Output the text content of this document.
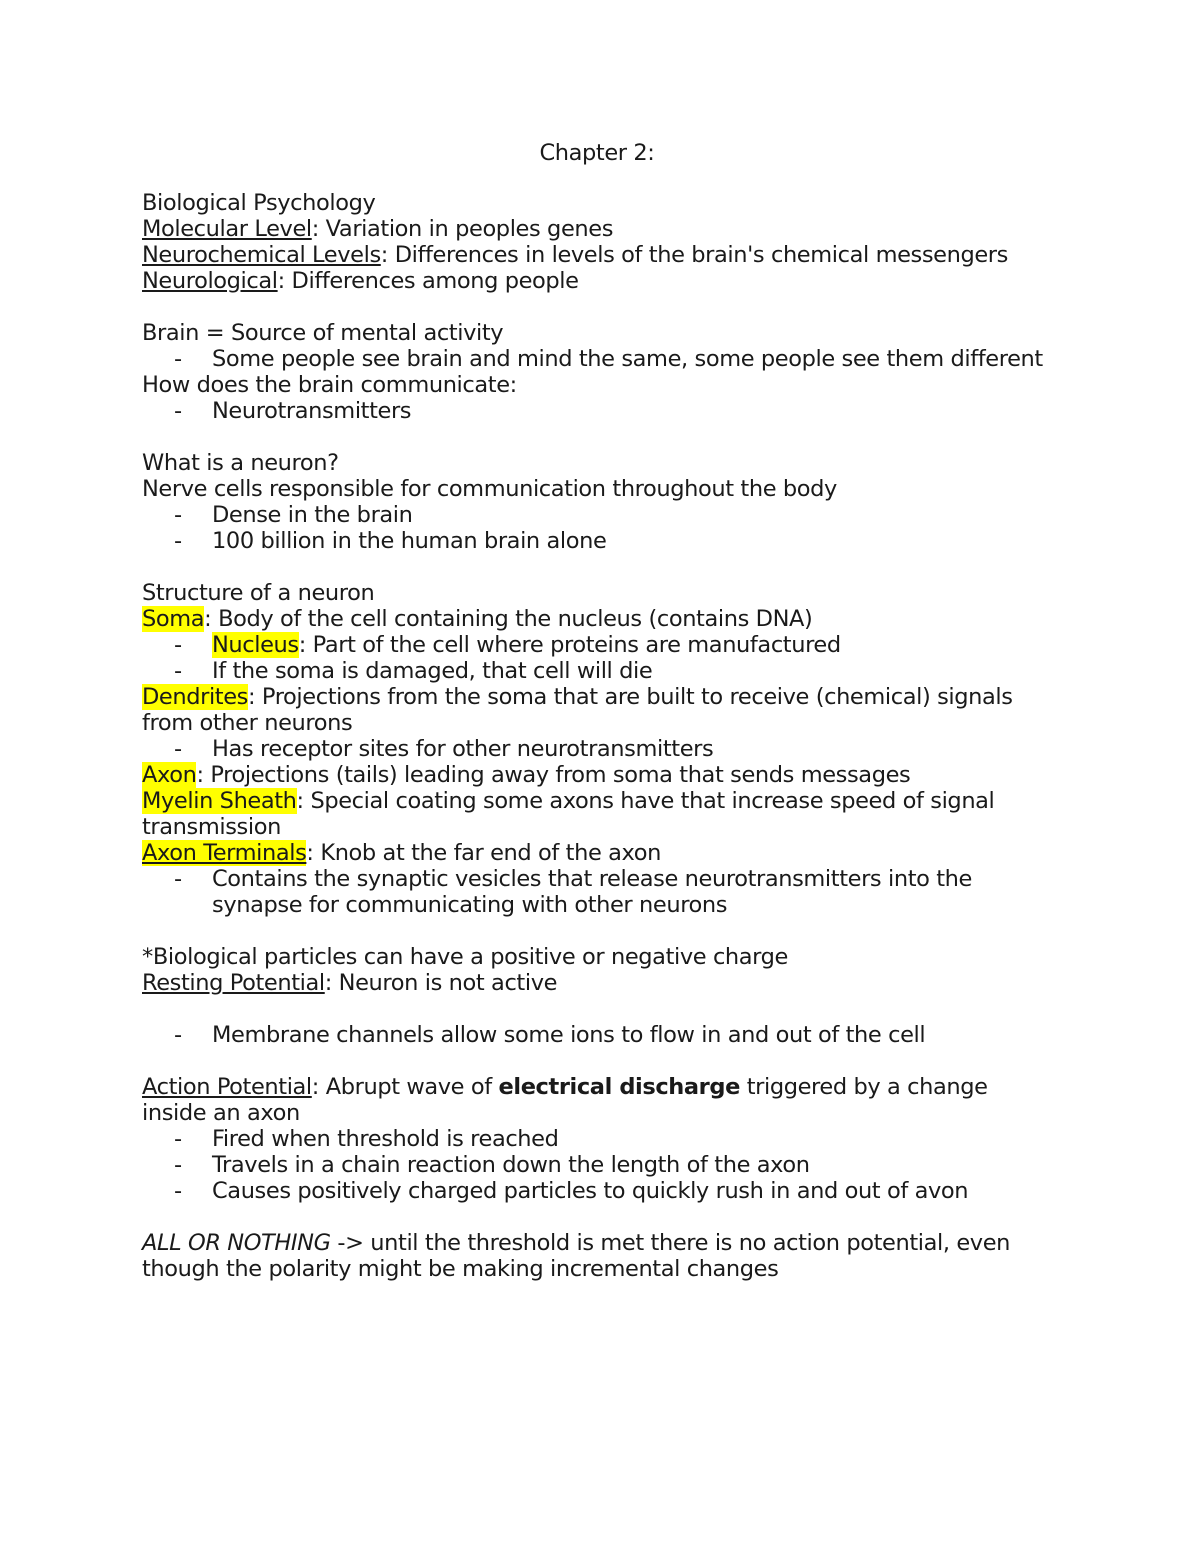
Chapter 2:
Biological Psychology
Molecular Level: Variation in peoples genes
Neurochemical Levels: Differences in levels of the brain's chemical messengers
Neurological: Differences among people
Brain = Source of mental activity
- Some people see brain and mind the same, some people see them different
How does the brain communicate:
- Neurotransmitters
What is a neuron?
Nerve cells responsible for communication throughout the body
- Dense in the brain
- 100 billion in the human brain alone
Structure of a neuron
Soma: Body of the cell containing the nucleus (contains DNA)
- Nucleus: Part of the cell where proteins are manufactured
- If the soma is damaged, that cell will die
Dendrites: Projections from the soma that are built to receive (chemical) signals from other neurons
- Has receptor sites for other neurotransmitters
Axon: Projections (tails) leading away from soma that sends messages
Myelin Sheath: Special coating some axons have that increase speed of signal transmission
Axon Terminals: Knob at the far end of the axon
- Contains the synaptic vesicles that release neurotransmitters into the synapse for communicating with other neurons
*Biological particles can have a positive or negative charge
Resting Potential: Neuron is not active
- Membrane channels allow some ions to flow in and out of the cell
Action Potential: Abrupt wave of electrical discharge triggered by a change inside an axon
- Fired when threshold is reached
- Travels in a chain reaction down the length of the axon
- Causes positively charged particles to quickly rush in and out of avon
ALL OR NOTHING -> until the threshold is met there is no action potential, even though the polarity might be making incremental changes
